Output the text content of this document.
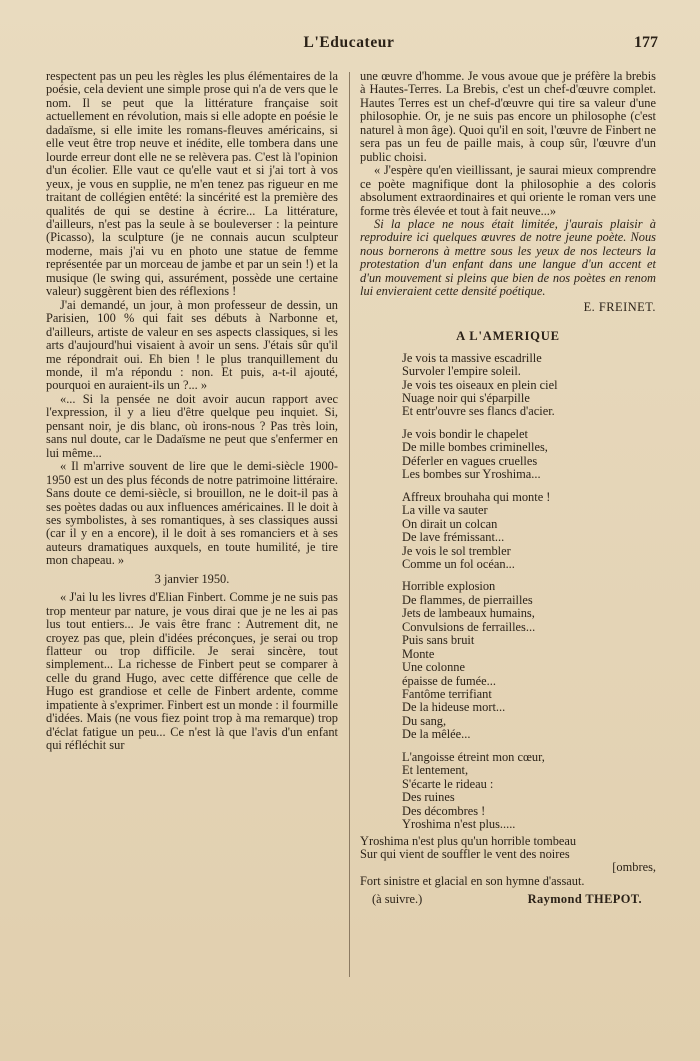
L'Educateur	177

respectent pas un peu les règles les plus élémentaires de la poésie, cela devient une simple prose qui n'a de vers que le nom. Il se peut que la littérature française soit actuellement en révolution, mais si elle adopte en poésie le dadaïsme, si elle imite les romans-fleuves américains, si elle veut être trop neuve et inédite, elle tombera dans une lourde erreur dont elle ne se relèvera pas. C'est là l'opinion d'un écolier. Elle vaut ce qu'elle vaut et si j'ai tort à vos yeux, je vous en supplie, ne m'en tenez pas rigueur en me traitant de collégien entêté: la sincérité est la première des qualités de qui se destine à écrire... La littérature, d'ailleurs, n'est pas la seule à se bouleverser : la peinture (Picasso), la sculpture (je ne connais aucun sculpteur moderne, mais j'ai vu en photo une statue de femme représentée par un morceau de jambe et par un sein !) et la musique (le swing qui, assurément, possède une certaine valeur) suggèrent bien des réflexions !

J'ai demandé, un jour, à mon professeur de dessin, un Parisien, 100 % qui fait ses débuts à Narbonne et, d'ailleurs, artiste de valeur en ses aspects classiques, si les arts d'aujourd'hui visaient à avoir un sens. J'étais sûr qu'il me répondrait oui. Eh bien ! le plus tranquillement du monde, il m'a répondu : non. Et puis, a-t-il ajouté, pourquoi en auraient-ils un ?... »

«... Si la pensée ne doit avoir aucun rapport avec l'expression, il y a lieu d'être quelque peu inquiet. Si, pensant noir, je dis blanc, où irons-nous ? Pas très loin, sans nul doute, car le Dadaïsme ne peut que s'enfermer en lui même...

« Il m'arrive souvent de lire que le demi-siècle 1900-1950 est un des plus féconds de notre patrimoine littéraire. Sans doute ce demi-siècle, si brouillon, ne le doit-il pas à ses poètes dadas ou aux influences américaines. Il le doit à ses symbolistes, à ses romantiques, à ses classiques aussi (car il y en a encore), il le doit à ses romanciers et à ses auteurs dramatiques auxquels, en toute humilité, je tire mon chapeau. »

3 janvier 1950.

« J'ai lu les livres d'Elian Finbert. Comme je ne suis pas trop menteur par nature, je vous dirai que je ne les ai pas lus tout entiers... Je vais être franc : Autrement dit, ne croyez pas que, plein d'idées préconçues, je serai ou trop flatteur ou trop difficile. Je serai sincère, tout simplement... La richesse de Finbert peut se comparer à celle du grand Hugo, avec cette différence que celle de Hugo est grandiose et celle de Finbert ardente, comme impatiente à s'exprimer. Finbert est un monde : il fourmille d'idées. Mais (ne vous fiez point trop à ma remarque) trop d'éclat fatigue un peu... Ce n'est là que l'avis d'un enfant qui réfléchit sur

une œuvre d'homme. Je vous avoue que je préfère la brebis à Hautes-Terres. La Brebis, c'est un chef-d'œuvre complet. Hautes Terres est un chef-d'œuvre qui tire sa valeur d'une philosophie. Or, je ne suis pas encore un philosophe (c'est naturel à mon âge). Quoi qu'il en soit, l'œuvre de Finbert ne sera pas un feu de paille mais, à coup sûr, l'œuvre d'un public choisi.

« J'espère qu'en vieillissant, je saurai mieux comprendre ce poète magnifique dont la philosophie a des coloris absolument extraordinaires et qui oriente le roman vers une forme très élevée et tout à fait neuve...»

Si la place ne nous était limitée, j'aurais plaisir à reproduire ici quelques œuvres de notre jeune poète. Nous nous bornerons à mettre sous les yeux de nos lecteurs la protestation d'un enfant dans une langue d'un accent et d'un mouvement si pleins que bien de nos poètes en renom lui envieraient cette densité poétique.

E. FREINET.

A L'AMERIQUE
Je vois ta massive escadrille
Survoler l'empire soleil.
Je vois tes oiseaux en plein ciel
Nuage noir qui s'éparpille
Et entr'ouvre ses flancs d'acier.
Je vois bondir le chapelet
De mille bombes criminelles,
Déferler en vagues cruelles
Les bombes sur Yroshima...
Affreux brouhaha qui monte !
La ville va sauter
On dirait un colcan
De lave frémissant...
Je vois le sol trembler
Comme un fol océan...
Horrible explosion
De flammes, de pierrailles
Jets de lambeaux humains,
Convulsions de ferrailles...
Puis sans bruit
Monte
Une colonne
épaisse de fumée...
Fantôme terrifiant
De la hideuse mort...
Du sang,
De la mêlée...
L'angoisse étreint mon cœur,
Et lentement,
S'écarte le rideau :
Des ruines
Des décombres !
Yroshima n'est plus.....
Yroshima n'est plus qu'un horrible tombeau
Sur qui vient de souffler le vent des noires
[ombres,
Fort sinistre et glacial en son hymne d'assaut.
(à suivre.)	Raymond THEPOT.
